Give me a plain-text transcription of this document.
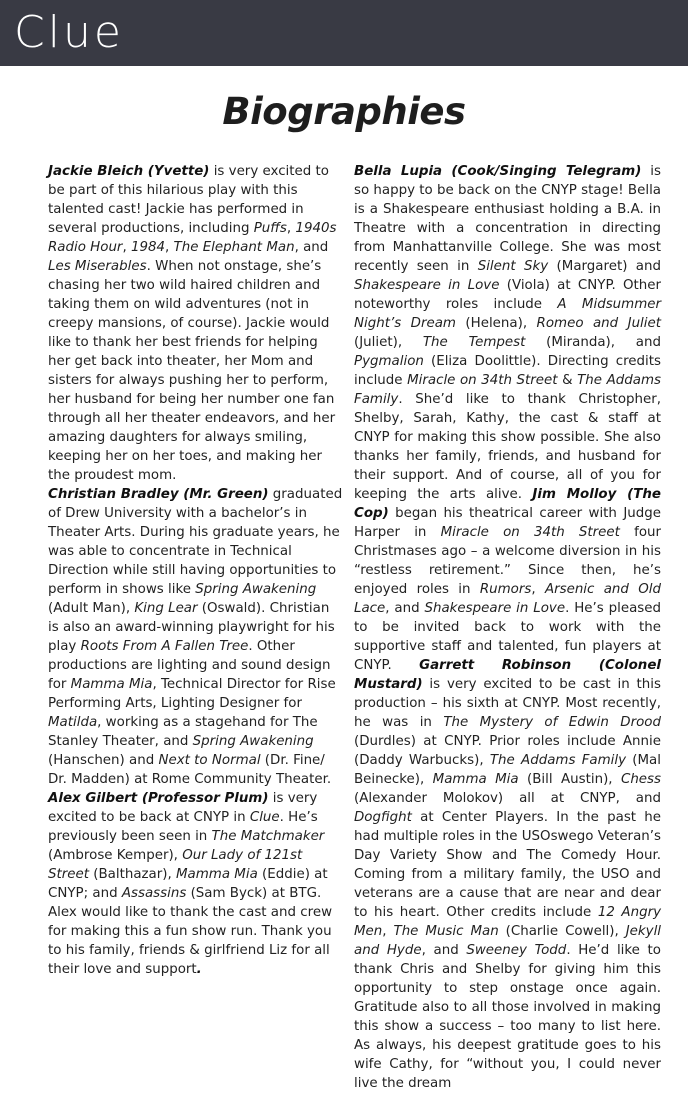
Clue
Biographies

Jackie Bleich (Yvette) is very excited to be part of this hilarious play with this talented cast! Jackie has performed in several productions, including Puffs, 1940s Radio Hour, 1984, The Elephant Man, and Les Miserables. When not onstage, she’s chasing her two wild haired children and taking them on wild adventures (not in creepy mansions, of course). Jackie would like to thank her best friends for helping her get back into theater, her Mom and sisters for always pushing her to perform, her husband for being her number one fan through all her theater endeavors, and her amazing daughters for always smiling, keeping her on her toes, and making her the proudest mom.

Christian Bradley (Mr. Green) graduated of Drew University with a bachelor’s in Theater Arts. During his graduate years, he was able to concentrate in Technical Direction while still having opportunities to perform in shows like Spring Awakening (Adult Man), King Lear (Oswald). Christian is also an award-winning playwright for his play Roots From A Fallen Tree. Other productions are lighting and sound design for Mamma Mia, Technical Director for Rise Performing Arts, Lighting Designer for Matilda, working as a stagehand for The Stanley Theater, and Spring Awakening (Hanschen) and Next to Normal (Dr. Fine/ Dr. Madden) at Rome Community Theater.

Alex Gilbert (Professor Plum) is very excited to be back at CNYP in Clue. He’s previously been seen in The Matchmaker (Ambrose Kemper), Our Lady of 121st Street (Balthazar), Mamma Mia (Eddie) at CNYP; and Assassins (Sam Byck) at BTG. Alex would like to thank the cast and crew for making this a fun show run. Thank you to his family, friends & girlfriend Liz for all their love and support.

Bella Lupia (Cook/Singing Telegram) is so happy to be back on the CNYP stage! Bella is a Shakespeare enthusiast holding a B.A. in Theatre with a concentration in directing from Manhattanville College. She was most recently seen in Silent Sky (Margaret) and Shakespeare in Love (Viola) at CNYP. Other noteworthy roles include A Midsummer Night’s Dream (Helena), Romeo and Juliet (Juliet), The Tempest (Miranda), and Pygmalion (Eliza Doolittle). Directing credits include Miracle on 34th Street & The Addams Family. She’d like to thank Christopher, Shelby, Sarah, Kathy, the cast & staff at CNYP for making this show possible. She also thanks her family, friends, and husband for their support. And of course, all of you for keeping the arts alive. Jim Molloy (The Cop) began his theatrical career with Judge Harper in Miracle on 34th Street four Christmases ago – a welcome diversion in his “restless retirement.” Since then, he’s enjoyed roles in Rumors, Arsenic and Old Lace, and Shakespeare in Love. He’s pleased to be invited back to work with the supportive staff and talented, fun players at CNYP. Garrett Robinson (Colonel Mustard) is very excited to be cast in this production – his sixth at CNYP. Most recently, he was in The Mystery of Edwin Drood (Durdles) at CNYP. Prior roles include Annie (Daddy Warbucks), The Addams Family (Mal Beinecke), Mamma Mia (Bill Austin), Chess (Alexander Molokov) all at CNYP, and Dogfight at Center Players. In the past he had multiple roles in the USOswego Veteran’s Day Variety Show and The Comedy Hour. Coming from a military family, the USO and veterans are a cause that are near and dear to his heart. Other credits include 12 Angry Men, The Music Man (Charlie Cowell), Jekyll and Hyde, and Sweeney Todd. He’d like to thank Chris and Shelby for giving him this opportunity to step onstage once again. Gratitude also to all those involved in making this show a success – too many to list here. As always, his deepest gratitude goes to his wife Cathy, for “without you, I could never live the dream
